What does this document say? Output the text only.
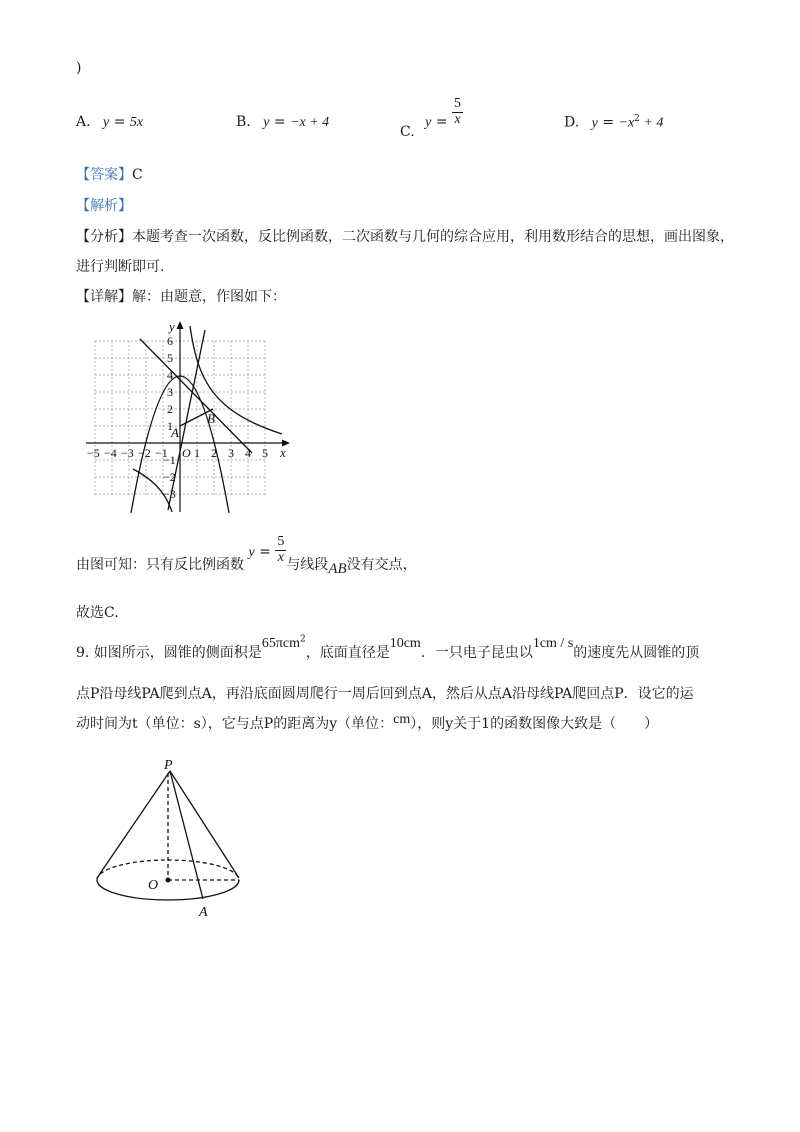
)
A. y = 5x	B. y = −x + 4
C. $y = \frac{5}{x}$	D. $y = -x^2 + 4$
【答案】C
【解析】
【分析】本题考查一次函数，反比例函数，二次函数与几何的综合应用，利用数形结合的思想，画出图象，
进行判断即可.
【详解】解：由题意，作图如下：
6
5
4
3
2
1
−1
−2
−3
−5 −4 −3 −2 −1 1 2 3 4 5
O	x
y
A
B
由图可知：只有反比例函数 $y = \frac{5}{x}$ 与线段AB没有交点，
故选C.
9. 如图所示，圆锥的侧面积是65πcm$^2$，底面直径是10cm．一只电子昆虫以1cm / s的速度先从圆锥的顶
点P沿母线PA爬到点A，再沿底面圆周爬行一周后回到点A，然后从点A沿母线PA爬回点P．设它的运
动时间为t（单位：s），它与点P的距离为y（单位：cm），则y关于1的函数图像大致是（　　）
P
O
A
